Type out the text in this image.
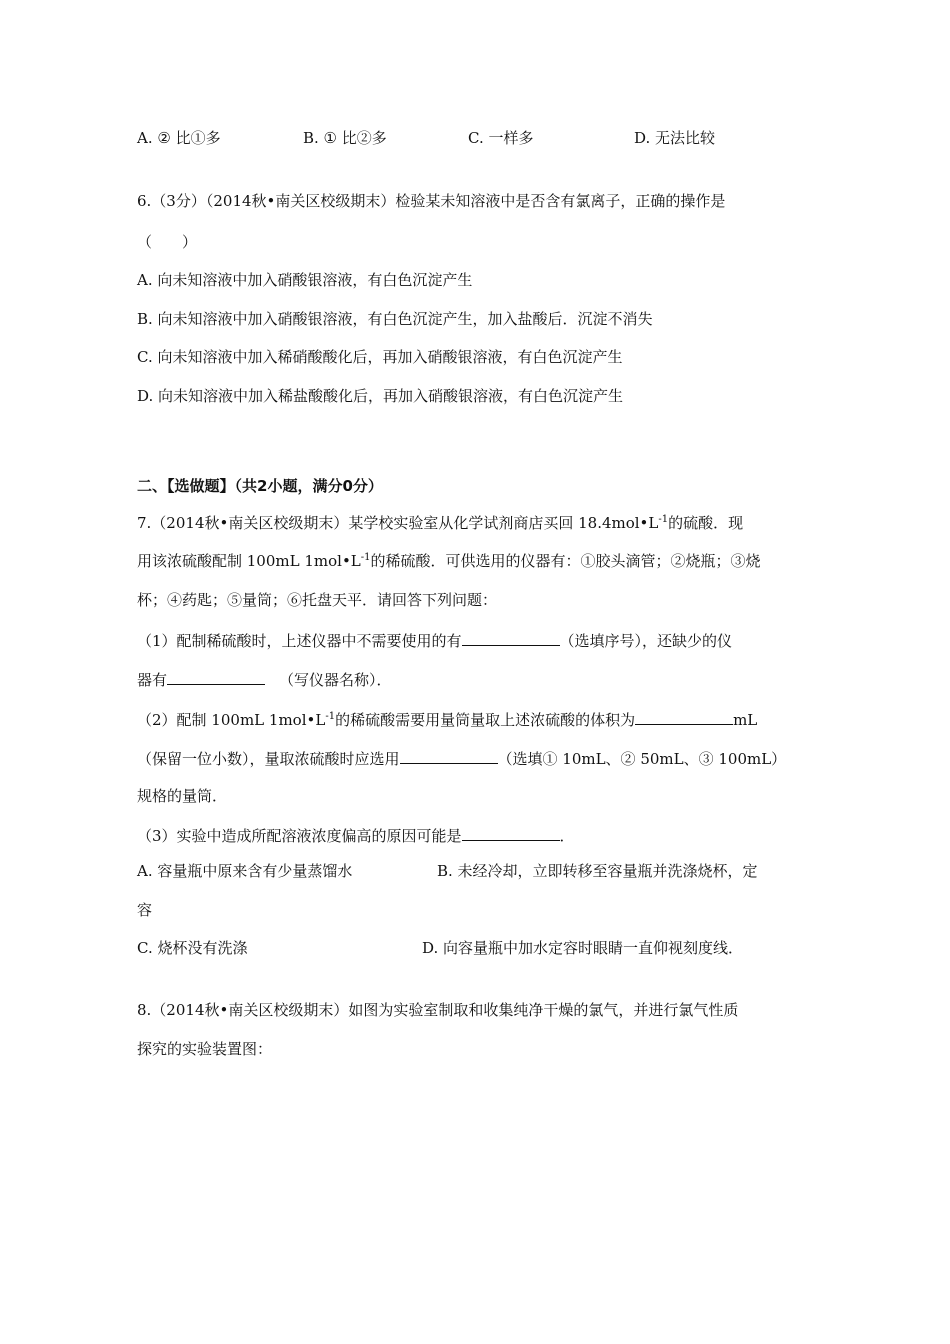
A. ② 比①多	B. ① 比②多	C. 一样多	D. 无法比较
6.（3分）（2014秋•南关区校级期末）检验某未知溶液中是否含有氯离子，正确的操作是
（　　）
A. 向未知溶液中加入硝酸银溶液，有白色沉淀产生
B. 向未知溶液中加入硝酸银溶液，有白色沉淀产生，加入盐酸后．沉淀不消失
C. 向未知溶液中加入稀硝酸酸化后，再加入硝酸银溶液，有白色沉淀产生
D. 向未知溶液中加入稀盐酸酸化后，再加入硝酸银溶液，有白色沉淀产生
二、【选做题】（共2小题，满分0分）
7.（2014秋•南关区校级期末）某学校实验室从化学试剂商店买回 $18.4mol•L^{-1}$的硫酸．现
用该浓硫酸配制 100mL $1mol•L^{-1}$的稀硫酸．可供选用的仪器有：①胶头滴管；②烧瓶；③烧
杯；④药匙；⑤量筒；⑥托盘天平．请回答下列问题：
（1）配制稀硫酸时，上述仪器中不需要使用的有	（选填序号），还缺少的仪
器有	（写仪器名称）．
（2）配制 100mL $1mol•L^{-1}$的稀硫酸需要用量筒量取上述浓硫酸的体积为	mL
（保留一位小数），量取浓硫酸时应选用	（选填① 10mL、② 50mL、③ 100mL）
规格的量筒．
（3）实验中造成所配溶液浓度偏高的原因可能是	．
A. 容量瓶中原来含有少量蒸馏水	B. 未经冷却，立即转移至容量瓶并洗涤烧杯，定
容
C. 烧杯没有洗涤	D. 向容量瓶中加水定容时眼睛一直仰视刻度线．
8.（2014秋•南关区校级期末）如图为实验室制取和收集纯净干燥的氯气，并进行氯气性质
探究的实验装置图：
